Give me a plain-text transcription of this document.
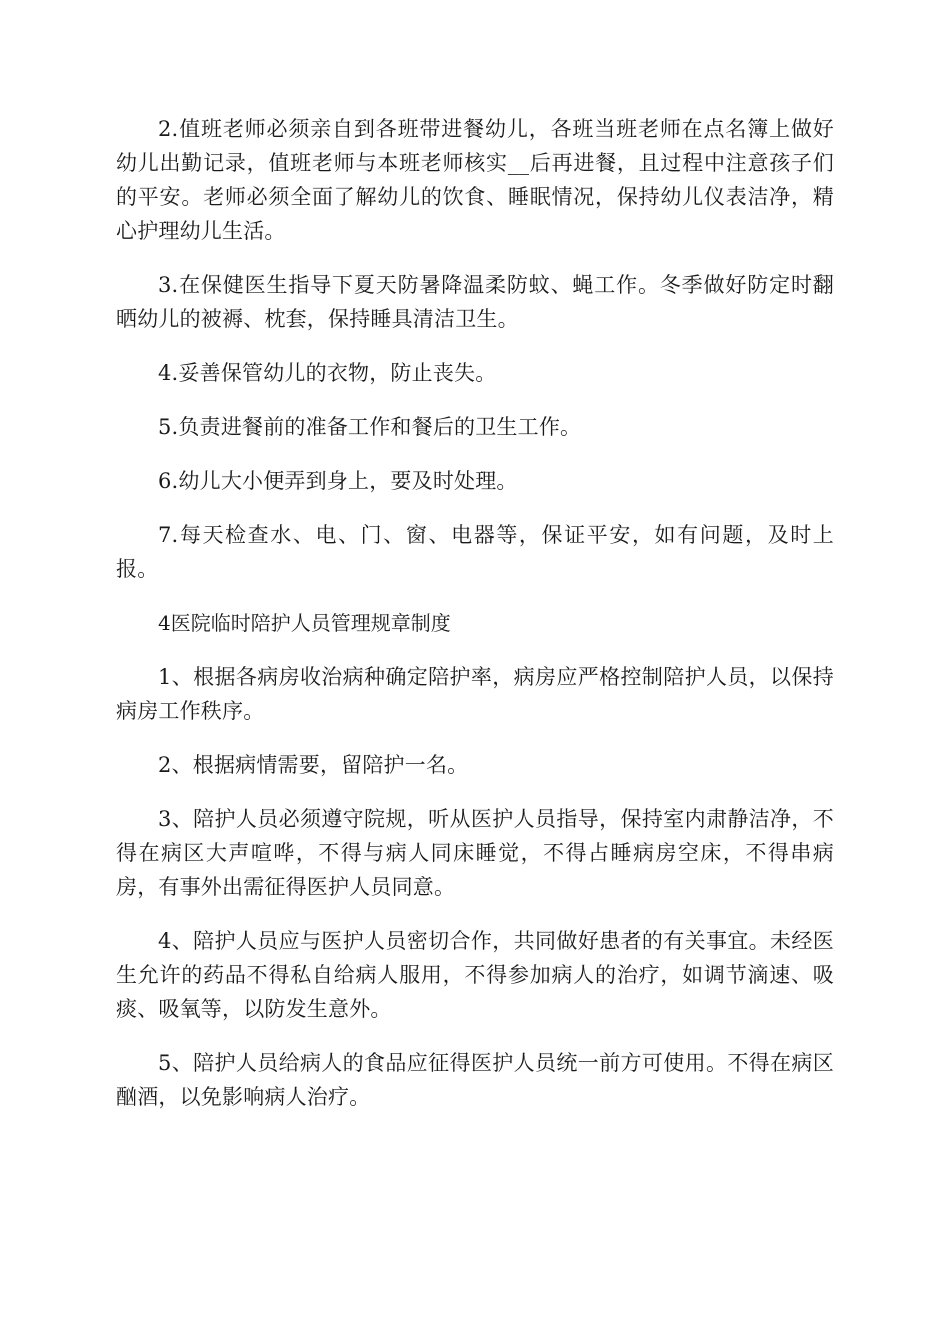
2.值班老师必须亲自到各班带进餐幼儿，各班当班老师在点名簿上做好幼儿出勤记录，值班老师与本班老师核实__后再进餐，且过程中注意孩子们的平安。老师必须全面了解幼儿的饮食、睡眠情况，保持幼儿仪表洁净，精心护理幼儿生活。

3.在保健医生指导下夏天防暑降温柔防蚊、蝇工作。冬季做好防定时翻晒幼儿的被褥、枕套，保持睡具清洁卫生。

4.妥善保管幼儿的衣物，防止丧失。

5.负责进餐前的准备工作和餐后的卫生工作。

6.幼儿大小便弄到身上，要及时处理。

7.每天检查水、电、门、窗、电器等，保证平安，如有问题，及时上报。

4医院临时陪护人员管理规章制度

1、根据各病房收治病种确定陪护率，病房应严格控制陪护人员，以保持病房工作秩序。

2、根据病情需要，留陪护一名。

3、陪护人员必须遵守院规，听从医护人员指导，保持室内肃静洁净，不得在病区大声喧哗，不得与病人同床睡觉，不得占睡病房空床，不得串病房，有事外出需征得医护人员同意。

4、陪护人员应与医护人员密切合作，共同做好患者的有关事宜。未经医生允许的药品不得私自给病人服用，不得参加病人的治疗，如调节滴速、吸痰、吸氧等，以防发生意外。

5、陪护人员给病人的食品应征得医护人员统一前方可使用。不得在病区酗酒，以免影响病人治疗。
